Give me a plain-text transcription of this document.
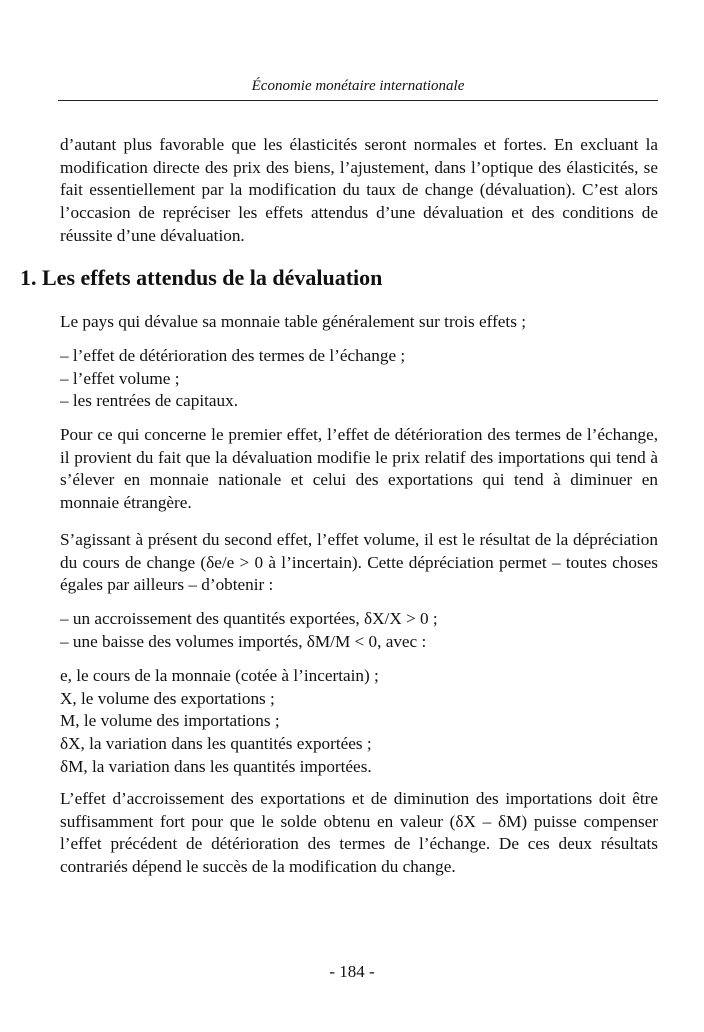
Économie monétaire internationale

d’autant plus favorable que les élasticités seront normales et fortes. En excluant la modification directe des prix des biens, l’ajustement, dans l’optique des élasticités, se fait essentiellement par la modification du taux de change (dévaluation). C’est alors l’occasion de repréciser les effets attendus d’une dévaluation et des conditions de réussite d’une dévaluation.

1. Les effets attendus de la dévaluation

Le pays qui dévalue sa monnaie table généralement sur trois effets ;

– l’effet de détérioration des termes de l’échange ;

– l’effet volume ;

– les rentrées de capitaux.

Pour ce qui concerne le premier effet, l’effet de détérioration des termes de l’échange, il provient du fait que la dévaluation modifie le prix relatif des importations qui tend à s’élever en monnaie nationale et celui des exportations qui tend à diminuer en monnaie étrangère.

S’agissant à présent du second effet, l’effet volume, il est le résultat de la dépréciation du cours de change (δe/e > 0 à l’incertain). Cette dépréciation permet – toutes choses égales par ailleurs – d’obtenir :

– un accroissement des quantités exportées, δX/X > 0 ;

– une baisse des volumes importés, δM/M < 0, avec :

e, le cours de la monnaie (cotée à l’incertain) ;

X, le volume des exportations ;

M, le volume des importations ;

δX, la variation dans les quantités exportées ;

δM, la variation dans les quantités importées.

L’effet d’accroissement des exportations et de diminution des importations doit être suffisamment fort pour que le solde obtenu en valeur (δX – δM) puisse compenser l’effet précédent de détérioration des termes de l’échange. De ces deux résultats contrariés dépend le succès de la modification du change.

- 184 -
